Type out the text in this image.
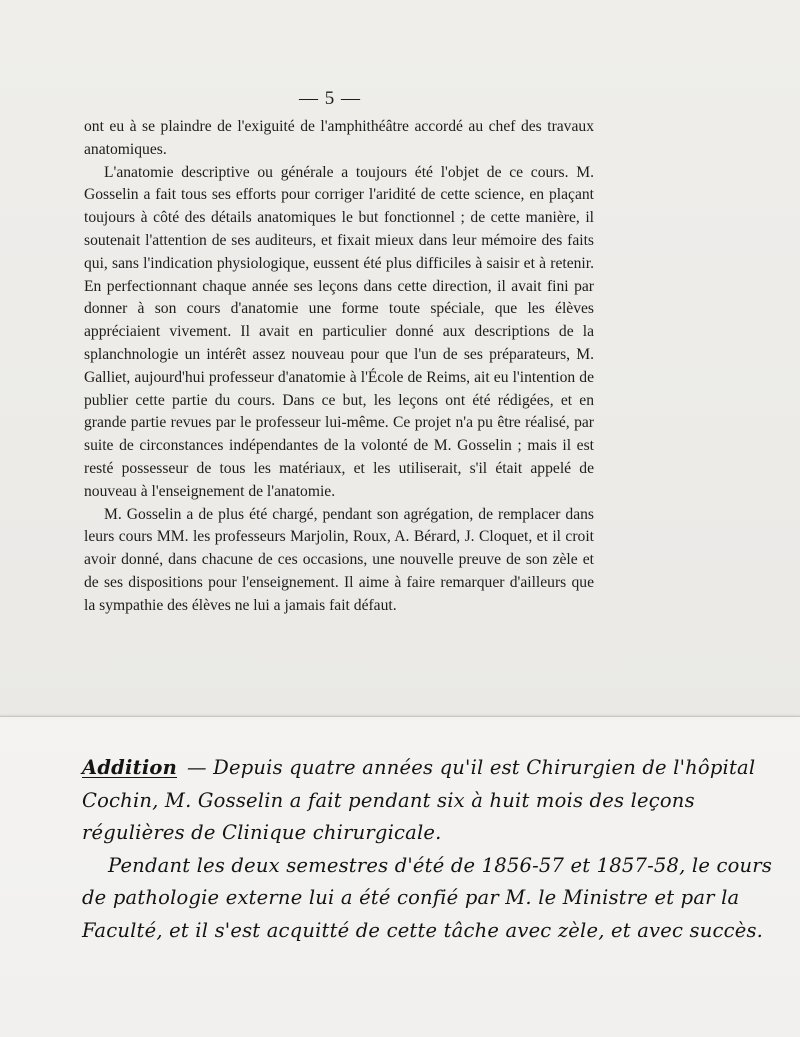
— 5 —

ont eu à se plaindre de l'exiguité de l'amphithéâtre accordé au chef des travaux anatomiques.

L'anatomie descriptive ou générale a toujours été l'objet de ce cours. M. Gosselin a fait tous ses efforts pour corriger l'aridité de cette science, en plaçant toujours à côté des détails anatomiques le but fonctionnel ; de cette manière, il soutenait l'attention de ses auditeurs, et fixait mieux dans leur mémoire des faits qui, sans l'indication physiologique, eussent été plus difficiles à saisir et à retenir. En perfectionnant chaque année ses leçons dans cette direction, il avait fini par donner à son cours d'anatomie une forme toute spéciale, que les élèves appréciaient vivement. Il avait en particulier donné aux descriptions de la splanchnologie un intérêt assez nouveau pour que l'un de ses préparateurs, M. Galliet, aujourd'hui professeur d'anatomie à l'École de Reims, ait eu l'intention de publier cette partie du cours. Dans ce but, les leçons ont été rédigées, et en grande partie revues par le professeur lui-même. Ce projet n'a pu être réalisé, par suite de circonstances indépendantes de la volonté de M. Gosselin ; mais il est resté possesseur de tous les matériaux, et les utiliserait, s'il était appelé de nouveau à l'enseignement de l'anatomie.

M. Gosselin a de plus été chargé, pendant son agrégation, de remplacer dans leurs cours MM. les professeurs Marjolin, Roux, A. Bérard, J. Cloquet, et il croit avoir donné, dans chacune de ces occasions, une nouvelle preuve de son zèle et de ses dispositions pour l'enseignement. Il aime à faire remarquer d'ailleurs que la sympathie des élèves ne lui a jamais fait défaut.

Addition — Depuis quatre années qu'il est Chirurgien de l'hôpital Cochin, M. Gosselin a fait pendant six à huit mois des leçons régulières de Clinique chirurgicale.

Pendant les deux semestres d'été de 1856-57 et 1857-58, le cours de pathologie externe lui a été confié par M. le Ministre et par la Faculté, et il s'est acquitté de cette tâche avec zèle, et avec succès.
